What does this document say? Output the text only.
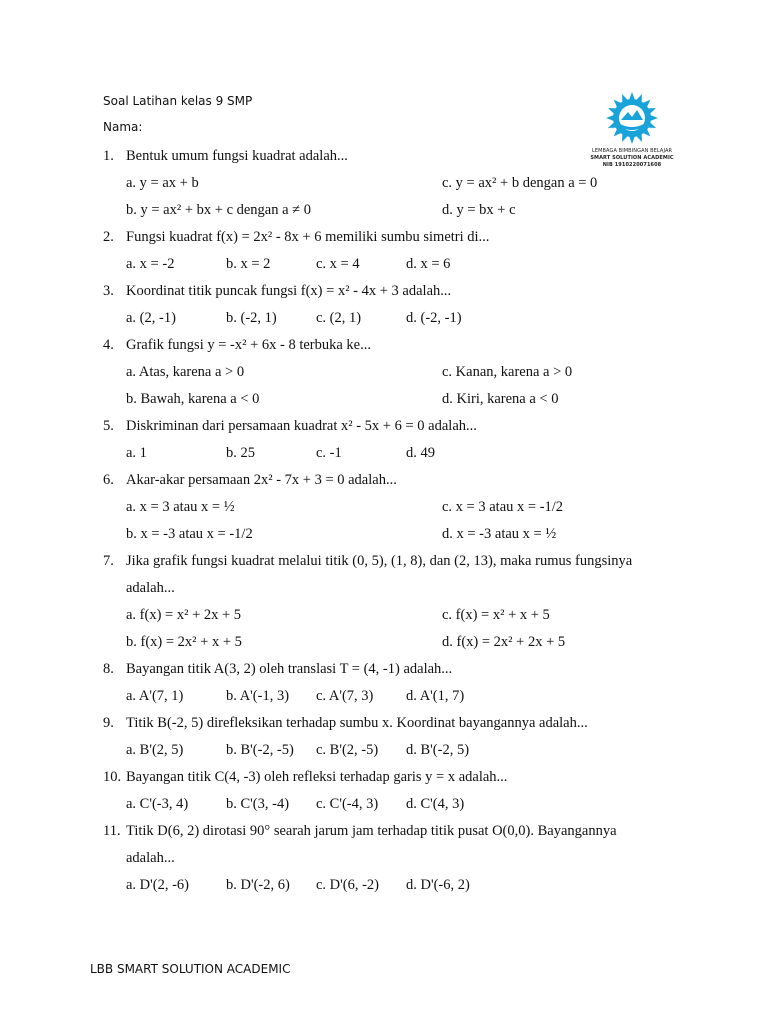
Soal Latihan kelas 9 SMP
Nama:
LEMBAGA BIMBINGAN BELAJAR
SMART SOLUTION ACADEMIC
NIB 1910220071608
1. Bentuk umum fungsi kuadrat adalah...
a. y = ax + b	c. y = ax² + b dengan a = 0
b. y = ax² + bx + c dengan a ≠ 0	d. y = bx + c
2. Fungsi kuadrat f(x) = 2x² - 8x + 6 memiliki sumbu simetri di...
a. x = -2	b. x = 2	c. x = 4	d. x = 6
3. Koordinat titik puncak fungsi f(x) = x² - 4x + 3 adalah...
a. (2, -1)	b. (-2, 1)	c. (2, 1)	d. (-2, -1)
4. Grafik fungsi y = -x² + 6x - 8 terbuka ke...
a. Atas, karena a > 0	c. Kanan, karena a > 0
b. Bawah, karena a < 0	d. Kiri, karena a < 0
5. Diskriminan dari persamaan kuadrat x² - 5x + 6 = 0 adalah...
a. 1	b. 25	c. -1	d. 49
6. Akar-akar persamaan 2x² - 7x + 3 = 0 adalah...
a. x = 3 atau x = ½	c. x = 3 atau x = -1/2
b. x = -3 atau x = -1/2	d. x = -3 atau x = ½
7. Jika grafik fungsi kuadrat melalui titik (0, 5), (1, 8), dan (2, 13), maka rumus fungsinya
adalah...
a. f(x) = x² + 2x + 5	c. f(x) = x² + x + 5
b. f(x) = 2x² + x + 5	d. f(x) = 2x² + 2x + 5
8. Bayangan titik A(3, 2) oleh translasi T = (4, -1) adalah...
a. A'(7, 1)	b. A'(-1, 3) c. A'(7, 3) d. A'(1, 7)
9. Titik B(-2, 5) direfleksikan terhadap sumbu x. Koordinat bayangannya adalah...
a. B'(2, 5)	b. B'(-2, -5) c. B'(2, -5) d. B'(-2, 5)
10. Bayangan titik C(4, -3) oleh refleksi terhadap garis y = x adalah...
a. C'(-3, 4)	b. C'(3, -4) c. C'(-4, 3) d. C'(4, 3)
11. Titik D(6, 2) dirotasi 90° searah jarum jam terhadap titik pusat O(0,0). Bayangannya
adalah...
a. D'(2, -6)	b. D'(-2, 6) c. D'(6, -2) d. D'(-6, 2)
LBB SMART SOLUTION ACADEMIC
